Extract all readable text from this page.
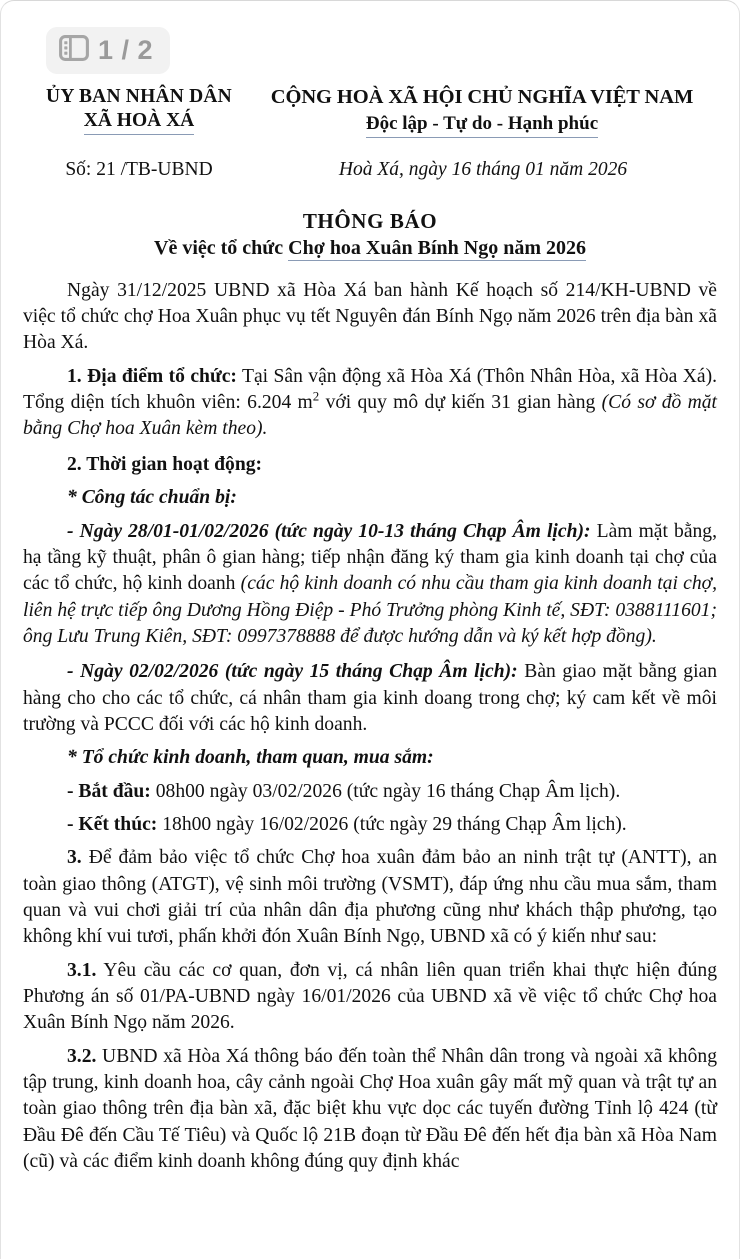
1 / 2
ỦY BAN NHÂN DÂN
XÃ HOÀ XÁ
CỘNG HOÀ XÃ HỘI CHỦ NGHĨA VIỆT NAM
Độc lập - Tự do - Hạnh phúc
Số: 21 /TB-UBND	Hoà Xá, ngày 16 tháng 01 năm 2026
THÔNG BÁO
Về việc tổ chức Chợ hoa Xuân Bính Ngọ năm 2026

Ngày 31/12/2025 UBND xã Hòa Xá ban hành Kế hoạch số 214/KH-UBND về việc tổ chức chợ Hoa Xuân phục vụ tết Nguyên đán Bính Ngọ năm 2026 trên địa bàn xã Hòa Xá.

1. Địa điểm tổ chức: Tại Sân vận động xã Hòa Xá (Thôn Nhân Hòa, xã Hòa Xá). Tổng diện tích khuôn viên: 6.204 $m^2$ với quy mô dự kiến 31 gian hàng (Có sơ đồ mặt bằng Chợ hoa Xuân kèm theo).

2. Thời gian hoạt động:

* Công tác chuẩn bị:

- Ngày 28/01-01/02/2026 (tức ngày 10-13 tháng Chạp Âm lịch): Làm mặt bằng, hạ tầng kỹ thuật, phân ô gian hàng; tiếp nhận đăng ký tham gia kinh doanh tại chợ của các tổ chức, hộ kinh doanh (các hộ kinh doanh có nhu cầu tham gia kinh doanh tại chợ, liên hệ trực tiếp ông Dương Hồng Điệp - Phó Trưởng phòng Kinh tế, SĐT: 0388111601; ông Lưu Trung Kiên, SĐT: 0997378888 để được hướng dẫn và ký kết hợp đồng).

- Ngày 02/02/2026 (tức ngày 15 tháng Chạp Âm lịch): Bàn giao mặt bằng gian hàng cho cho các tổ chức, cá nhân tham gia kinh doang trong chợ; ký cam kết về môi trường và PCCC đối với các hộ kinh doanh.

* Tổ chức kinh doanh, tham quan, mua sắm:

- Bắt đầu: 08h00 ngày 03/02/2026 (tức ngày 16 tháng Chạp Âm lịch).

- Kết thúc: 18h00 ngày 16/02/2026 (tức ngày 29 tháng Chạp Âm lịch).

3. Để đảm bảo việc tổ chức Chợ hoa xuân đảm bảo an ninh trật tự (ANTT), an toàn giao thông (ATGT), vệ sinh môi trường (VSMT), đáp ứng nhu cầu mua sắm, tham quan và vui chơi giải trí của nhân dân địa phương cũng như khách thập phương, tạo không khí vui tươi, phấn khởi đón Xuân Bính Ngọ, UBND xã có ý kiến như sau:

3.1. Yêu cầu các cơ quan, đơn vị, cá nhân liên quan triển khai thực hiện đúng Phương án số 01/PA-UBND ngày 16/01/2026 của UBND xã về việc tổ chức Chợ hoa Xuân Bính Ngọ năm 2026.

3.2. UBND xã Hòa Xá thông báo đến toàn thể Nhân dân trong và ngoài xã không tập trung, kinh doanh hoa, cây cảnh ngoài Chợ Hoa xuân gây mất mỹ quan và trật tự an toàn giao thông trên địa bàn xã, đặc biệt khu vực dọc các tuyến đường Tỉnh lộ 424 (từ Đầu Đê đến Cầu Tế Tiêu) và Quốc lộ 21B đoạn từ Đầu Đê đến hết địa bàn xã Hòa Nam (cũ) và các điểm kinh doanh không đúng quy định khác
